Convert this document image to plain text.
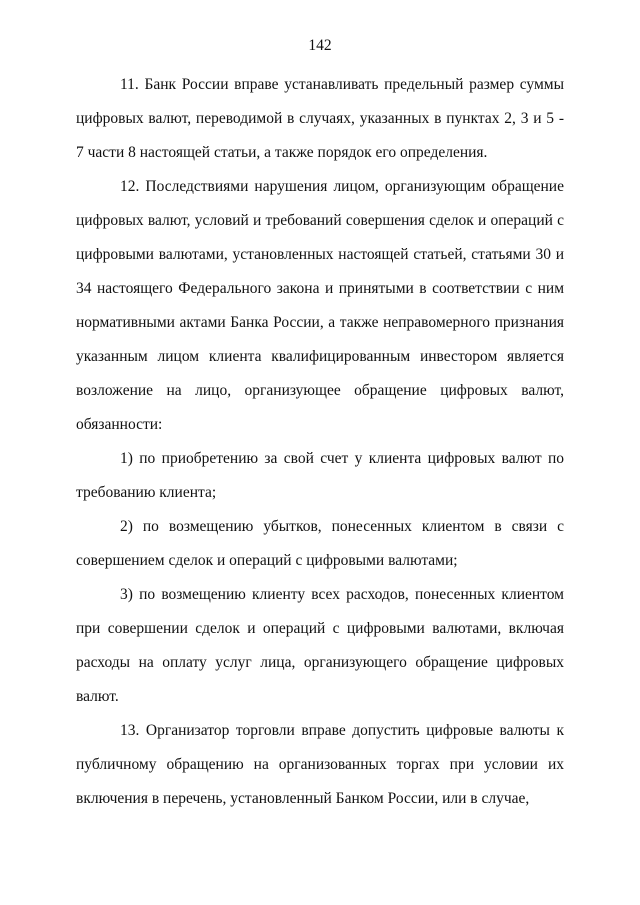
142

11. Банк России вправе устанавливать предельный размер суммы цифровых валют, переводимой в случаях, указанных в пунктах 2, 3 и 5 - 7 части 8 настоящей статьи, а также порядок его определения.

12. Последствиями нарушения лицом, организующим обращение цифровых валют, условий и требований совершения сделок и операций с цифровыми валютами, установленных настоящей статьей, статьями 30 и 34 настоящего Федерального закона и принятыми в соответствии с ним нормативными актами Банка России, а также неправомерного признания указанным лицом клиента квалифицированным инвестором является возложение на лицо, организующее обращение цифровых валют, обязанности:

1) по приобретению за свой счет у клиента цифровых валют по требованию клиента;

2) по возмещению убытков, понесенных клиентом в связи с совершением сделок и операций с цифровыми валютами;

3) по возмещению клиенту всех расходов, понесенных клиентом при совершении сделок и операций с цифровыми валютами, включая расходы на оплату услуг лица, организующего обращение цифровых валют.

13. Организатор торговли вправе допустить цифровые валюты к публичному обращению на организованных торгах при условии их включения в перечень, установленный Банком России, или в случае,
